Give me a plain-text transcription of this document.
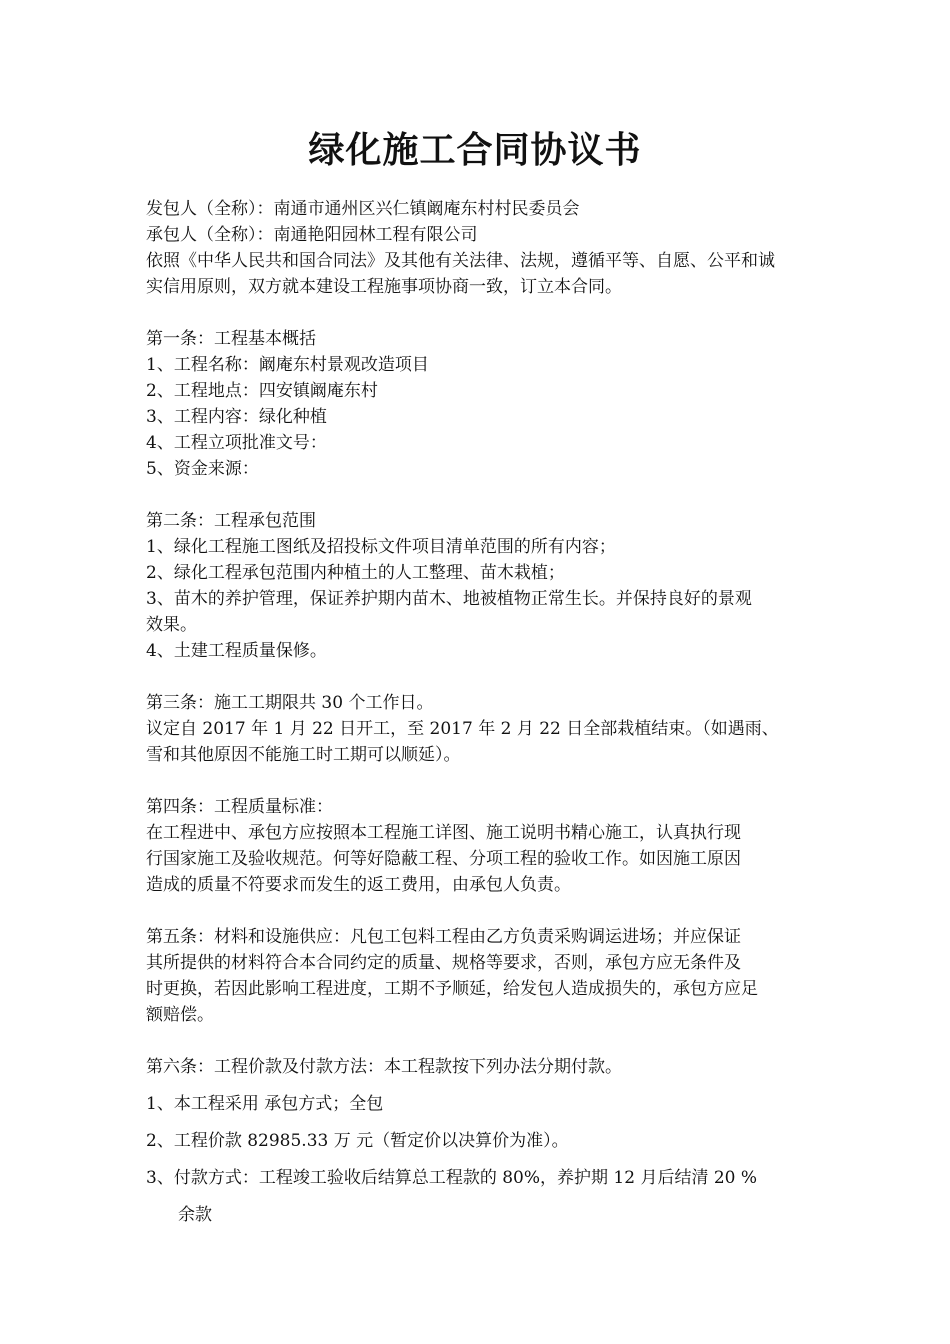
绿化施工合同协议书
发包人（全称）：南通市通州区兴仁镇阚庵东村村民委员会
承包人（全称）：南通艳阳园林工程有限公司
依照《中华人民共和国合同法》及其他有关法律、法规，遵循平等、自愿、公平和诚
实信用原则，双方就本建设工程施事项协商一致，订立本合同。
第一条：工程基本概括
1、工程名称：阚庵东村景观改造项目
2、工程地点：四安镇阚庵东村
3、工程内容：绿化种植
4、工程立项批准文号：
5、资金来源：
第二条：工程承包范围
1、绿化工程施工图纸及招投标文件项目清单范围的所有内容；
2、绿化工程承包范围内种植土的人工整理、苗木栽植；
3、苗木的养护管理，保证养护期内苗木、地被植物正常生长。并保持良好的景观
效果。
4、土建工程质量保修。
第三条：施工工期限共 30 个工作日。
议定自 2017 年 1 月 22 日开工，至 2017 年 2 月 22 日全部栽植结束。（如遇雨、
雪和其他原因不能施工时工期可以顺延）。
第四条：工程质量标准：
在工程进中、承包方应按照本工程施工详图、施工说明书精心施工，认真执行现
行国家施工及验收规范。何等好隐蔽工程、分项工程的验收工作。如因施工原因
造成的质量不符要求而发生的返工费用，由承包人负责。
第五条：材料和设施供应：凡包工包料工程由乙方负责采购调运进场；并应保证
其所提供的材料符合本合同约定的质量、规格等要求，否则，承包方应无条件及
时更换，若因此影响工程进度，工期不予顺延，给发包人造成损失的，承包方应足
额赔偿。
第六条：工程价款及付款方法：本工程款按下列办法分期付款。
1、本工程采用 承包方式；全包
2、工程价款 82985.33 万 元（暂定价以决算价为准）。
3、付款方式：工程竣工验收后结算总工程款的 80%，养护期 12 月后结清 20 %
余款
